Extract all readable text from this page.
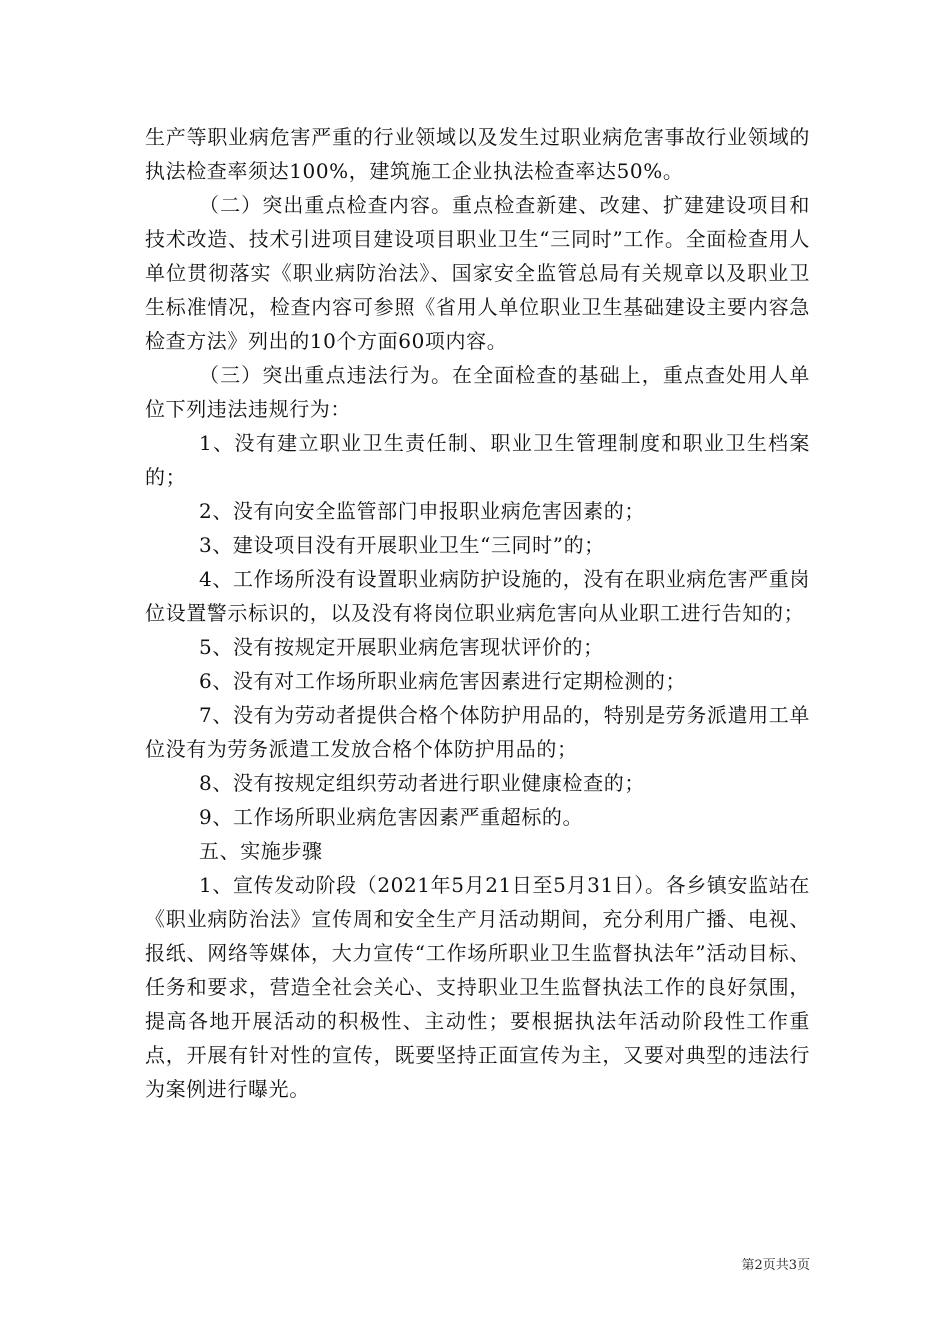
生产等职业病危害严重的行业领域以及发生过职业病危害事故行业领域的执法检查率须达100%，建筑施工企业执法检查率达50%。

（二）突出重点检查内容。重点检查新建、改建、扩建建设项目和技术改造、技术引进项目建设项目职业卫生“三同时”工作。全面检查用人单位贯彻落实《职业病防治法》、国家安全监管总局有关规章以及职业卫生标准情况，检查内容可参照《省用人单位职业卫生基础建设主要内容急检查方法》列出的10个方面60项内容。

（三）突出重点违法行为。在全面检查的基础上，重点查处用人单位下列违法违规行为：

1、没有建立职业卫生责任制、职业卫生管理制度和职业卫生档案的；

2、没有向安全监管部门申报职业病危害因素的；

3、建设项目没有开展职业卫生“三同时”的；

4、工作场所没有设置职业病防护设施的，没有在职业病危害严重岗位设置警示标识的，以及没有将岗位职业病危害向从业职工进行告知的；

5、没有按规定开展职业病危害现状评价的；

6、没有对工作场所职业病危害因素进行定期检测的；

7、没有为劳动者提供合格个体防护用品的，特别是劳务派遣用工单位没有为劳务派遣工发放合格个体防护用品的；

8、没有按规定组织劳动者进行职业健康检查的；

9、工作场所职业病危害因素严重超标的。

五、实施步骤

1、宣传发动阶段（2021年5月21日至5月31日）。各乡镇安监站在《职业病防治法》宣传周和安全生产月活动期间，充分利用广播、电视、报纸、网络等媒体，大力宣传“工作场所职业卫生监督执法年”活动目标、任务和要求，营造全社会关心、支持职业卫生监督执法工作的良好氛围，提高各地开展活动的积极性、主动性；要根据执法年活动阶段性工作重点，开展有针对性的宣传，既要坚持正面宣传为主，又要对典型的违法行为案例进行曝光。

第2页共3页
